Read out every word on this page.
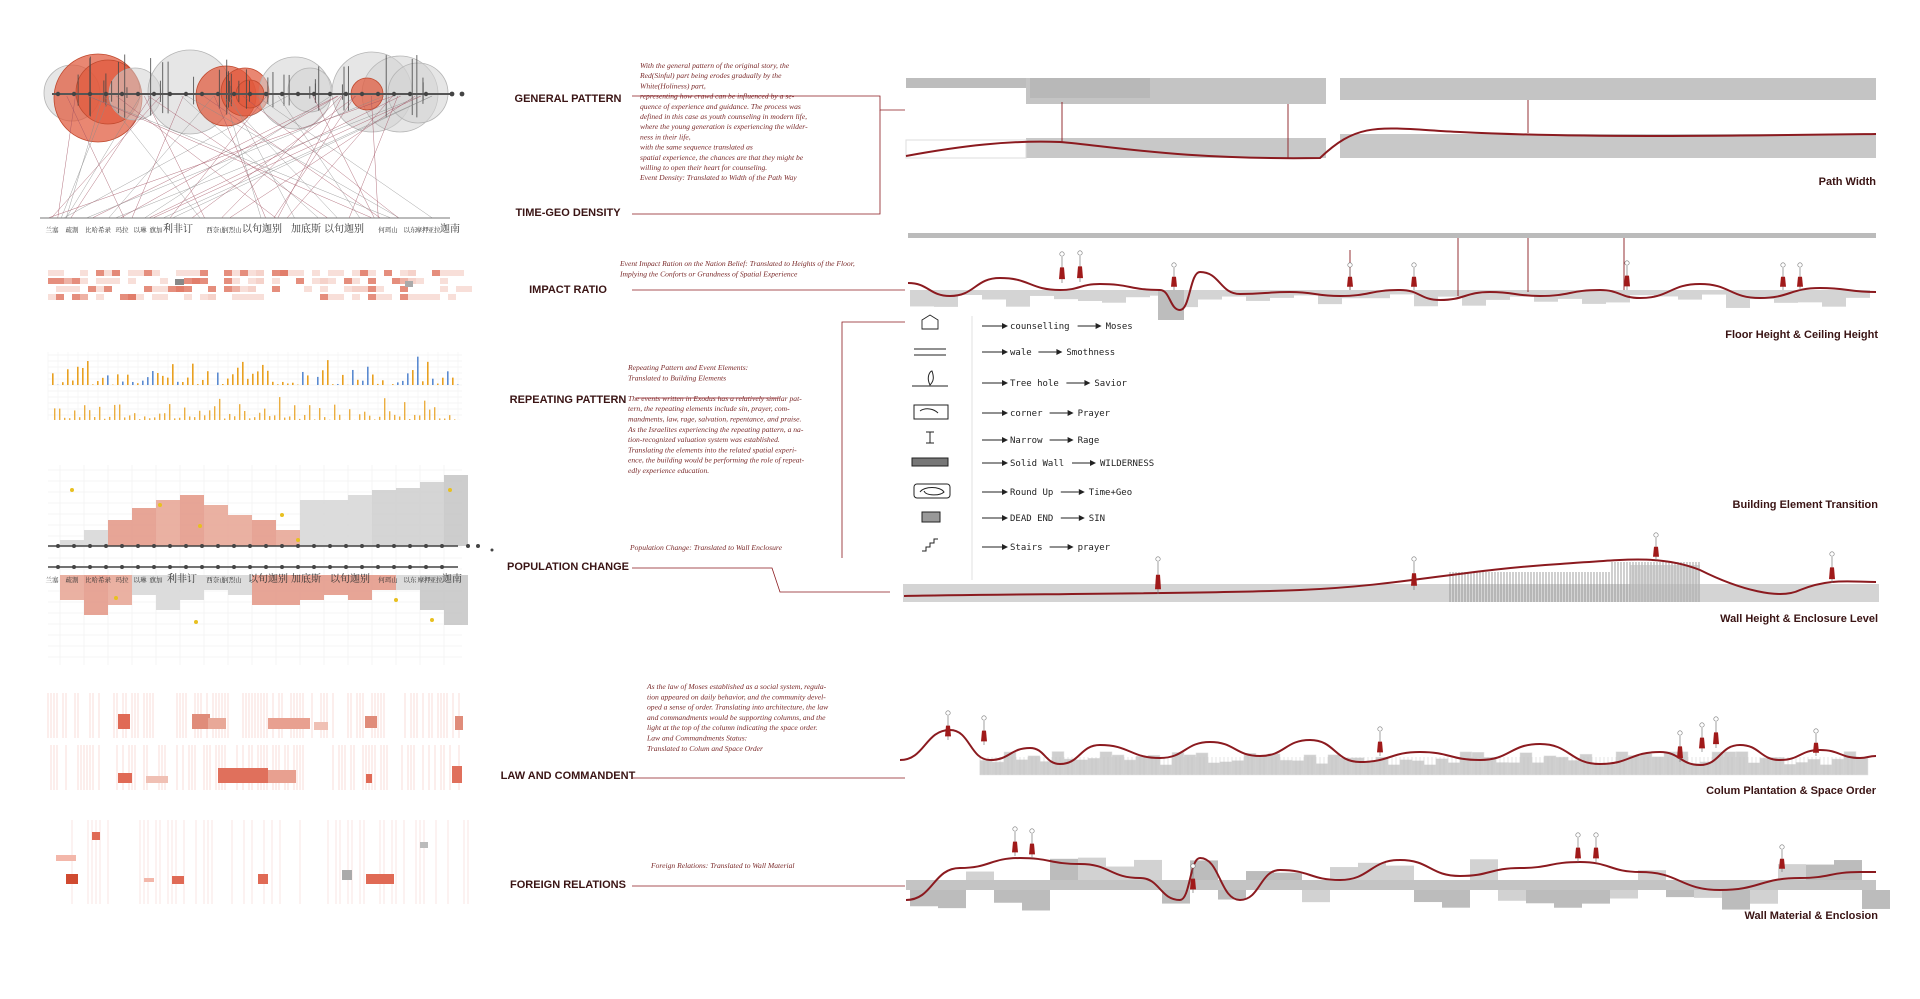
兰塞 疏割 比哈希录 玛拉 以琳 旗加 利非订 西奈山
何烈山 以旬迦别 加底斯 以旬迦别 何珥山 以东 摩押 亚拉 迦南
兰塞 疏割 比哈希录 玛拉 以琳 旗加 利非订 西奈山
何烈山 以旬迦别 加底斯 以旬迦别 何珥山 以东 摩押 亚拉 迦南
GENERAL PATTERN
TIME-GEO DENSITY
IMPACT RATIO
REPEATING PATTERN
POPULATION CHANGE
LAW AND COMMANDENT
FOREIGN RELATIONS
With the general pattern of the original story, the
Red(Sinful) part being erodes gradually by the
White(Holiness) part,
representing how crawd can be influenced by a se-
quence of experience and guidance. The process was
defined in this case as youth counseling in modern life,
where the young generation is experiencing the wilder-
ness in their life,
with the same sequence translated as
spatial experience, the chances are that they might be
willing to open their heart for counseling.
Event Density: Translated to Width of the Path Way
Event Impact Ration on the Nation Belief: Translated to Heights of the Floor,
Implying the Conforts or Grandness of Spatial Experience
Repeating Pattern and Event Elements:
Translated to Building Elements
The events written in Exodus has a relatively similar pat-
tern, the repeating elements include sin, prayer, com-
mandments, law, rage, salvation, repentance, and praise.
As the Israelites experiencing the repeating pattern, a na-
tion-recognized valuation system was established.
Translating the elements into the related spatial experi-
ence, the building would be performing the role of repeat-
edly experience education.
Population Change: Translated to Wall Enclosure
As the law of Moses established as a social system, regula-
tion appeared on daily behavior, and the community devel-
oped a sense of order. Translating into architecture, the law
and commandments would be supporting columns, and the
light at the top of the column indicating the space order.
Law and Commandments Status:
Translated to Colum and Space Order
Foreign Relations: Translated to Wall Material
counselling	Moses
wale	Smothness
Tree hole	Savior
corner	Prayer
Narrow	Rage
Solid Wall	WILDERNESS
Round Up	Time+Geo
DEAD END	SIN
Stairs	prayer
Path Width
Floor Height & Ceiling Height
Building Element Transition
Wall Height & Enclosure Level
Colum Plantation & Space Order
Wall Material & Enclosion
